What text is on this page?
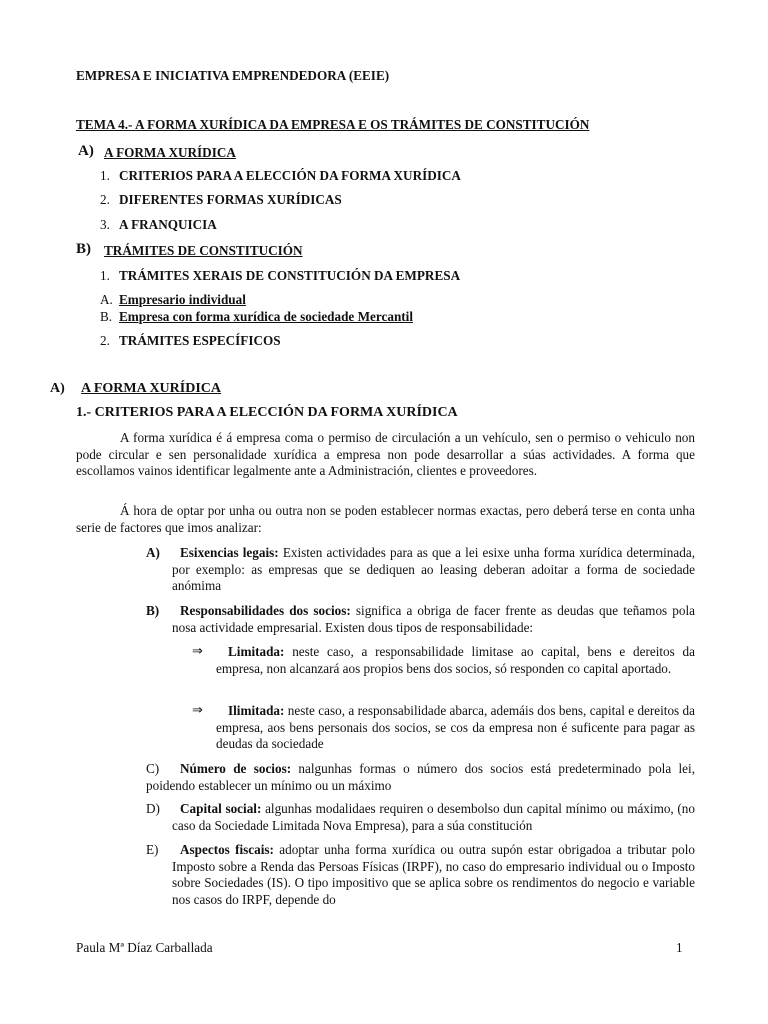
EMPRESA E INICIATIVA EMPRENDEDORA (EEIE)
TEMA 4.- A FORMA XURÍDICA DA EMPRESA E OS TRÁMITES DE CONSTITUCIÓN
A) A FORMA XURÍDICA
1. CRITERIOS PARA A ELECCIÓN DA FORMA XURÍDICA
2. DIFERENTES FORMAS XURÍDICAS
3. A FRANQUICIA
B) TRÁMITES DE CONSTITUCIÓN
1. TRÁMITES XERAIS DE CONSTITUCIÓN DA EMPRESA
A. Empresario individual
B. Empresa con forma xurídica de sociedade Mercantil
2. TRÁMITES ESPECÍFICOS
A) A FORMA XURÍDICA
1.- CRITERIOS PARA A ELECCIÓN DA FORMA XURÍDICA
A forma xurídica é á empresa coma o permiso de circulación a un vehículo, sen o permiso o vehiculo non pode circular e sen personalidade xurídica a empresa non pode desarrollar a súas actividades. A forma que escollamos vainos identificar legalmente ante a Administración, clientes e proveedores.
Á hora de optar por unha ou outra non se poden establecer normas exactas, pero deberá terse en conta unha serie de factores que imos analizar:
A)	Esixencias legais: Existen actividades para as que a lei esixe unha forma xurídica determinada, por exemplo: as empresas que se dediquen ao leasing deberan adoitar a forma de sociedade anómima
B)	Responsabilidades dos socios: significa a obriga de facer frente as deudas que teñamos pola nosa actividade empresarial. Existen dous tipos de responsabilidade:
⇒	Limitada: neste caso, a responsabilidade limitase ao capital, bens e dereitos da empresa, non alcanzará aos propios bens dos socios, só responden co capital aportado.
⇒	Ilimitada: neste caso, a responsabilidade abarca, ademáis dos bens, capital e dereitos da empresa, aos bens personais dos socios, se cos da empresa non é suficente para pagar as deudas da sociedade
C)	Número de socios: nalgunhas formas o número dos socios está predeterminado pola lei, poidendo establecer un mínimo ou un máximo
D)	Capital social: algunhas modalidaes requiren o desembolso dun capital mínimo ou máximo, (no caso da Sociedade Limitada Nova Empresa), para a súa constitución
E)	Aspectos fiscais: adoptar unha forma xurídica ou outra supón estar obrigadoa a tributar polo Imposto sobre a Renda das Persoas Físicas (IRPF), no caso do empresario individual ou o Imposto sobre Sociedades (IS). O tipo impositivo que se aplica sobre os rendimentos do negocio e variable nos casos do IRPF, depende do
Paula Mª Díaz Carballada	1
